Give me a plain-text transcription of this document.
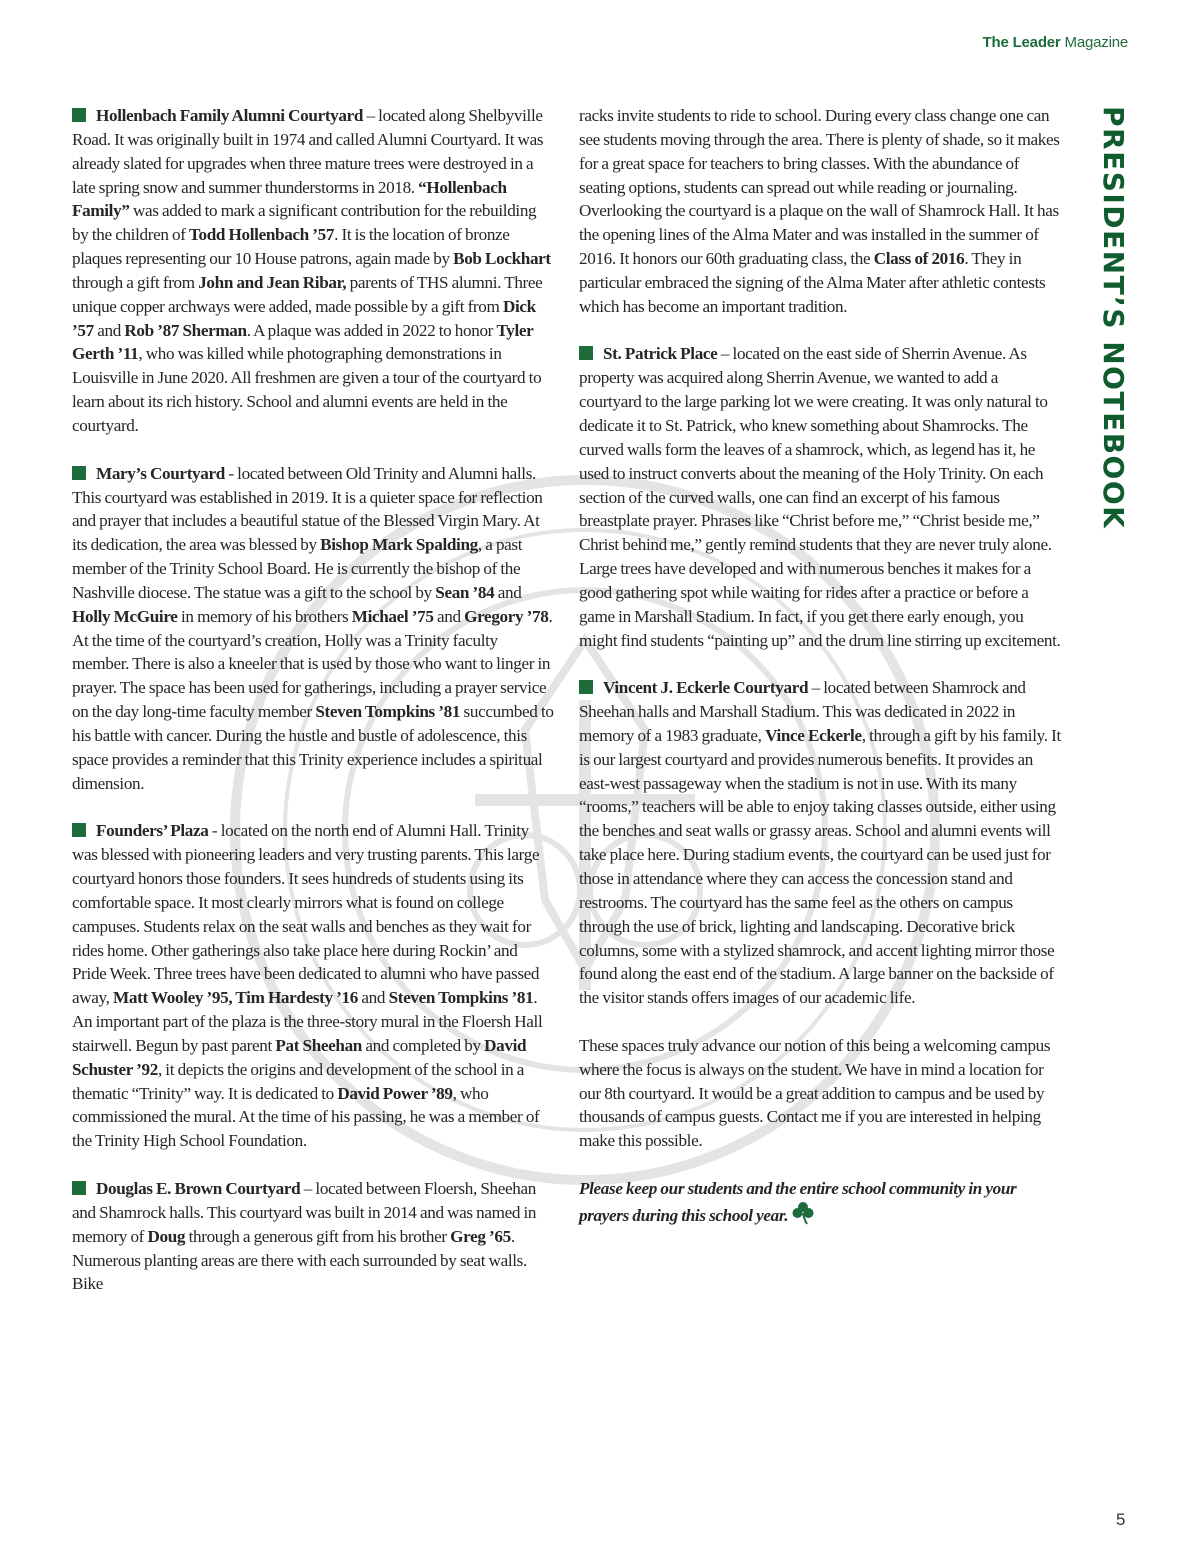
The Leader Magazine
PRESIDENT’S NOTEBOOK

Hollenbach Family Alumni Courtyard – located along Shelbyville Road. It was originally built in 1974 and called Alumni Courtyard. It was already slated for upgrades when three mature trees were destroyed in a late spring snow and summer thunderstorms in 2018. “Hollenbach Family” was added to mark a significant contribution for the rebuilding by the children of Todd Hollenbach ’57. It is the location of bronze plaques representing our 10 House patrons, again made by Bob Lockhart through a gift from John and Jean Ribar, parents of THS alumni. Three unique copper archways were added, made possible by a gift from Dick ’57 and Rob ’87 Sherman. A plaque was added in 2022 to honor Tyler Gerth ’11, who was killed while photographing demonstrations in Louisville in June 2020. All freshmen are given a tour of the courtyard to learn about its rich history. School and alumni events are held in the courtyard.

Mary’s Courtyard - located between Old Trinity and Alumni halls. This courtyard was established in 2019. It is a quieter space for reflection and prayer that includes a beautiful statue of the Blessed Virgin Mary. At its dedication, the area was blessed by Bishop Mark Spalding, a past member of the Trinity School Board. He is currently the bishop of the Nashville diocese. The statue was a gift to the school by Sean ’84 and Holly McGuire in memory of his brothers Michael ’75 and Gregory ’78. At the time of the courtyard’s creation, Holly was a Trinity faculty member. There is also a kneeler that is used by those who want to linger in prayer. The space has been used for gatherings, including a prayer service on the day long-time faculty member Steven Tompkins ’81 succumbed to his battle with cancer. During the hustle and bustle of adolescence, this space provides a reminder that this Trinity experience includes a spiritual dimension.

Founders’ Plaza - located on the north end of Alumni Hall. Trinity was blessed with pioneering leaders and very trusting parents. This large courtyard honors those founders. It sees hundreds of students using its comfortable space. It most clearly mirrors what is found on college campuses. Students relax on the seat walls and benches as they wait for rides home. Other gatherings also take place here during Rockin’ and Pride Week. Three trees have been dedicated to alumni who have passed away, Matt Wooley ’95, Tim Hardesty ’16 and Steven Tompkins ’81. An important part of the plaza is the three-story mural in the Floersh Hall stairwell. Begun by past parent Pat Sheehan and completed by David Schuster ’92, it depicts the origins and development of the school in a thematic “Trinity” way. It is dedicated to David Power ’89, who commissioned the mural. At the time of his passing, he was a member of the Trinity High School Foundation.

Douglas E. Brown Courtyard – located between Floersh, Sheehan and Shamrock halls. This courtyard was built in 2014 and was named in memory of Doug through a generous gift from his brother Greg ’65. Numerous planting areas are there with each surrounded by seat walls. Bike

racks invite students to ride to school. During every class change one can see students moving through the area. There is plenty of shade, so it makes for a great space for teachers to bring classes. With the abundance of seating options, students can spread out while reading or journaling. Overlooking the courtyard is a plaque on the wall of Shamrock Hall. It has the opening lines of the Alma Mater and was installed in the summer of 2016. It honors our 60th graduating class, the Class of 2016. They in particular embraced the signing of the Alma Mater after athletic contests which has become an important tradition.

St. Patrick Place – located on the east side of Sherrin Avenue. As property was acquired along Sherrin Avenue, we wanted to add a courtyard to the large parking lot we were creating. It was only natural to dedicate it to St. Patrick, who knew something about Shamrocks. The curved walls form the leaves of a shamrock, which, as legend has it, he used to instruct converts about the meaning of the Holy Trinity. On each section of the curved walls, one can find an excerpt of his famous breastplate prayer. Phrases like “Christ before me,” “Christ beside me,” Christ behind me,” gently remind students that they are never truly alone. Large trees have developed and with numerous benches it makes for a good gathering spot while waiting for rides after a practice or before a game in Marshall Stadium. In fact, if you get there early enough, you might find students “painting up” and the drum line stirring up excitement.

Vincent J. Eckerle Courtyard – located between Shamrock and Sheehan halls and Marshall Stadium. This was dedicated in 2022 in memory of a 1983 graduate, Vince Eckerle, through a gift by his family. It is our largest courtyard and provides numerous benefits. It provides an east-west passageway when the stadium is not in use. With its many “rooms,” teachers will be able to enjoy taking classes outside, either using the benches and seat walls or grassy areas. School and alumni events will take place here. During stadium events, the courtyard can be used just for those in attendance where they can access the concession stand and restrooms. The courtyard has the same feel as the others on campus through the use of brick, lighting and landscaping. Decorative brick columns, some with a stylized shamrock, and accent lighting mirror those found along the east end of the stadium. A large banner on the backside of the visitor stands offers images of our academic life.

These spaces truly advance our notion of this being a welcoming campus where the focus is always on the student. We have in mind a location for our 8th courtyard. It would be a great addition to campus and be used by thousands of campus guests. Contact me if you are interested in helping make this possible.

Please keep our students and the entire school community in your prayers during this school year.

5
